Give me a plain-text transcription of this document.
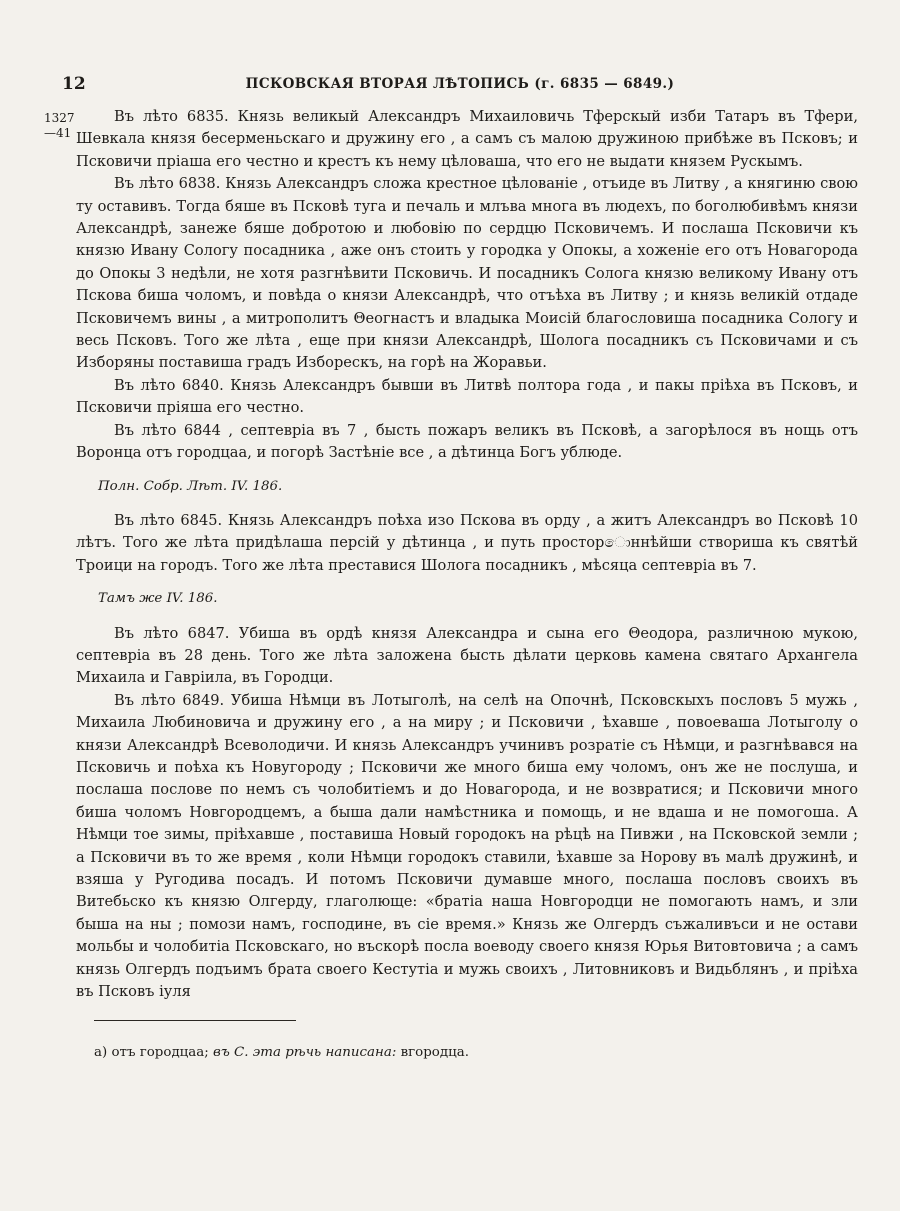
12	ПСКОВСКАЯ ВТОРАЯ ЛѢТОПИСЬ (г. 6835 — 6849.)
1327
—41

Въ лѣто 6835. Князь великый Александръ Михаиловичь Тферскый изби Татаръ въ Тфери, Шевкала князя бесерменьскаго и дружину его , а самъ съ малою дружиною прибѣже въ Псковъ; и Псковичи пріаша его честно и крестъ къ нему цѣловаша, что его не выдати князем Рускымъ.

Въ лѣто 6838. Князь Александръ сложа крестное цѣлованіе , отъиде въ Литву , а княгиню свою ту оставивъ. Тогда бяше въ Псковѣ туга и печаль и млъва многа въ людехъ, по боголюбивѣмъ князи Александрѣ, занеже бяше добротою и любовію по сердцю Псковичемъ. И послаша Псковичи къ князю Ивану Сологу посадника , аже онъ стоить у городка у Опокы, а хоженіе его отъ Новагорода до Опокы 3 недѣли, не хотя разгнѣвити Псковичь. И посадникъ Сологa князю великому Ивану отъ Пскова биша чоломъ, и повѣда о князи Александрѣ, что отъѣха въ Литву ; и князь великій отдаде Псковичемъ вины , а митрополитъ Θеогнастъ и владыка Моисій благословиша посадника Сологу и весь Псковъ. Того же лѣта , еще при князи Александрѣ, Шолога посадникъ съ Псковичами и съ Изборяны поставиша градъ Изборескъ, на горѣ на Жоравьи.

Въ лѣто 6840. Князь Александръ бывши въ Литвѣ полтора года , и пакы пріѣха въ Псковъ, и Псковичи пріяша его честно.

Въ лѣто 6844 , септевріа въ 7 , бысть пожаръ великъ въ Псковѣ, а загорѣлося въ нощь отъ Воронца отъ городцаа, и погорѣ Застѣніе все , а дѣтинца Богъ ублюде.

Полн. Собр. Лѣт. IV. 186.

Въ лѣто 6845. Князь Александръ поѣха изо Пскова въ орду , а житъ Александръ во Псковѣ 10 лѣтъ. Того же лѣта придѣлаша персій у дѣтинца , и путь просторොннѣйши створиша къ святѣй Троици на городъ. Того же лѣта преставися Шолога посадникъ , мѣсяца септевріа въ 7.

Тамъ же IV. 186.

Въ лѣто 6847. Убиша въ ордѣ князя Александра и сына его Θеодора, различною мукою, септевріа въ 28 день. Того же лѣта заложена бысть дѣлати церковь камена святаго Архангела Михаила и Гавріила, въ Городци.

Въ лѣто 6849. Убиша Нѣмци въ Лотыголѣ, на селѣ на Опочнѣ, Псковскыхъ пословъ 5 мужь , Михаила Любиновича и дружину его , а на миру ; и Псковичи , ѣхавше , повоеваша Лотыголу о князи Александрѣ Всеволодичи. И князь Александръ учинивъ розратіе съ Нѣмци, и разгнѣвався на Псковичь и поѣха къ Новугороду ; Псковичи же много биша ему чоломъ, онъ же не послуша, и послаша послове по немъ съ чолобитіемъ и до Новагорода, и не возвратися; и Псковичи много биша чоломъ Новгородцемъ, а быша дали намѣстника и помощь, и не вдаша и не помогоша. А Нѣмци тое зимы, пріѣхавше , поставиша Новый городокъ на рѣцѣ на Пивжи , на Псковской земли ; а Псковичи въ то же время , коли Нѣмци городокъ ставили, ѣхавше за Норову въ малѣ дружинѣ, и взяша у Ругодива посадъ. И потомъ Псковичи думавше много, послаша пословъ своихъ въ Витебьско къ князю Олгерду, глаголюще: «братіа наша Новгородци не помогають намъ, и зли быша на ны ; помози намъ, господине, въ сіе время.» Князь же Олгердъ съжаливъси и не остави мольбы и чолобитіа Псковскаго, но въскорѣ посла воеводу своего князя Юрья Витовтовича ; а самъ князь Олгердъ подъимъ брата своего Кестутіа и мужь своихъ , Литовниковъ и Видьблянъ , и пріѣха въ Псковъ іуля

а) отъ городцаа; въ С. эта рѣчь написана: вгородца.
